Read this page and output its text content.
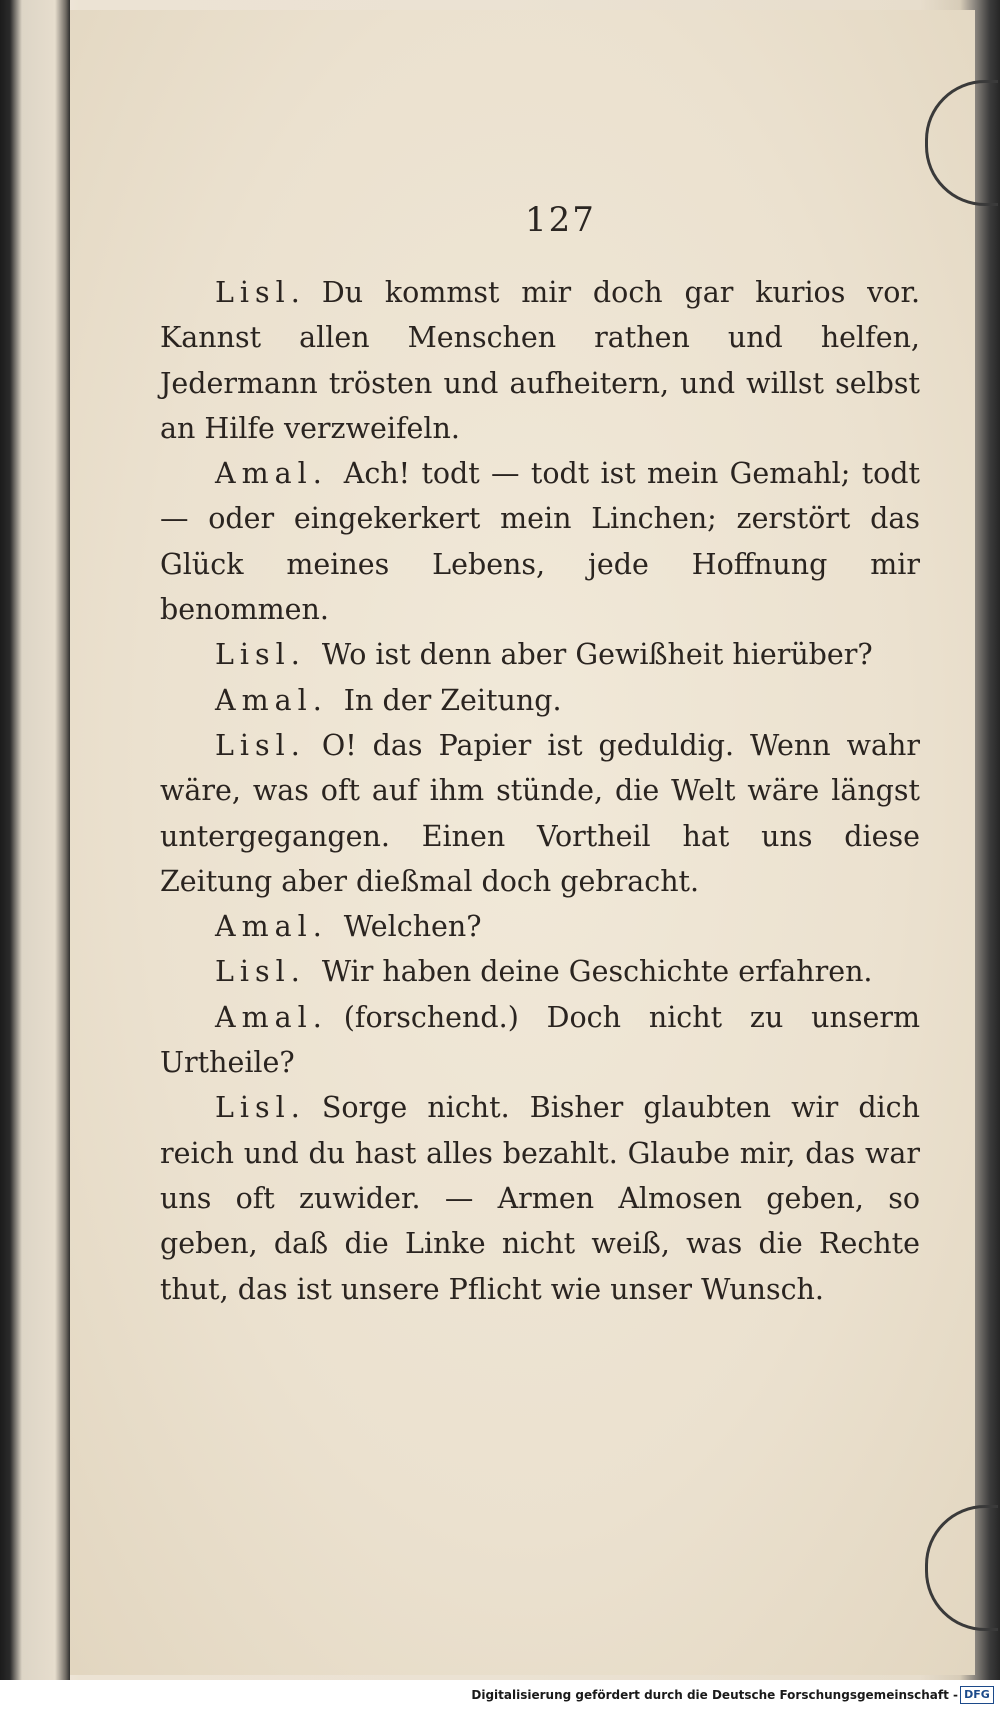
127

Lisl. Du kommst mir doch gar kurios vor. Kannst allen Menschen rathen und helfen, Jedermann trösten und aufheitern, und willst selbst an Hilfe verzweifeln.

Amal. Ach! todt — todt ist mein Gemahl; todt — oder eingekerkert mein Linchen; zerstört das Glück meines Lebens, jede Hoffnung mir benommen.

Lisl. Wo ist denn aber Gewißheit hierüber?

Amal. In der Zeitung.

Lisl. O! das Papier ist geduldig. Wenn wahr wäre, was oft auf ihm stünde, die Welt wäre längst untergegangen. Einen Vortheil hat uns diese Zeitung aber dießmal doch gebracht.

Amal. Welchen?

Lisl. Wir haben deine Geschichte erfahren.

Amal. (forschend.) Doch nicht zu unserm Urtheile?

Lisl. Sorge nicht. Bisher glaubten wir dich reich und du hast alles bezahlt. Glaube mir, das war uns oft zuwider. — Armen Almosen geben, so geben, daß die Linke nicht weiß, was die Rechte thut, das ist unsere Pflicht wie unser Wunsch.

Digitalisierung gefördert durch die Deutsche Forschungsgemeinschaft - DFG
